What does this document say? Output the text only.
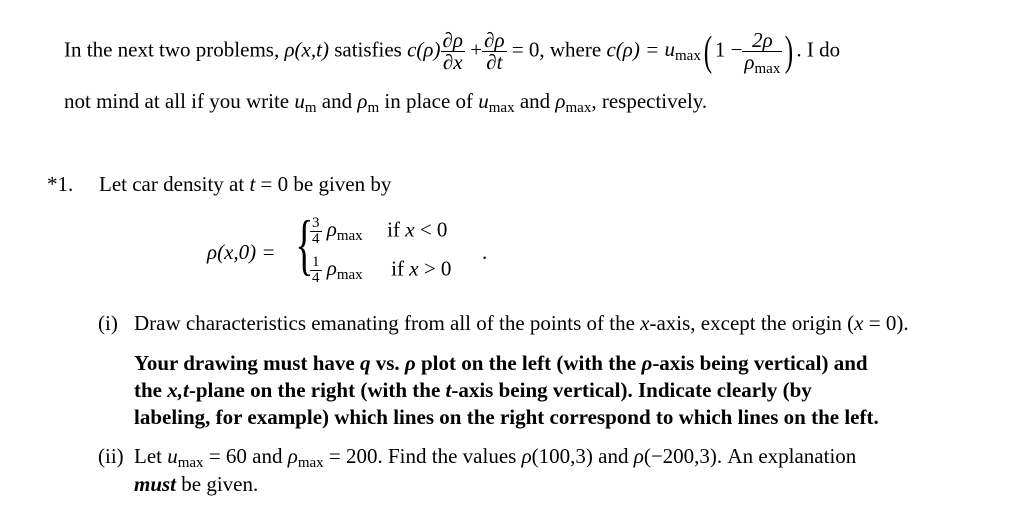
In the next two problems, ρ(x,t) satisfies $c(\rho) \frac{\partial\rho}{\partial x} + \frac{\partial\rho}{\partial t} = 0$, where c(ρ) = umax( $1 - \frac{2\rho}{\rho\max}$ ) . I do
not mind at all if you write um and ρm in place of umax and ρmax, respectively.
*1. Let car density at t = 0 be given by
ρ(x,0) = {
$\frac{3}{4}$ ρmax if x < 0
$\frac{1}{4}$ ρmax if x > 0
.
(i) Draw characteristics emanating from all of the points of the x-axis, except the origin (x = 0).
Your drawing must have q vs. ρ plot on the left (with the ρ-axis being vertical) and
the x,t-plane on the right (with the t-axis being vertical). Indicate clearly (by
labeling, for example) which lines on the right correspond to which lines on the left.
(ii) Let umax = 60 and ρmax = 200. Find the values ρ(100,3) and ρ(−200,3). An explanation
must be given.
